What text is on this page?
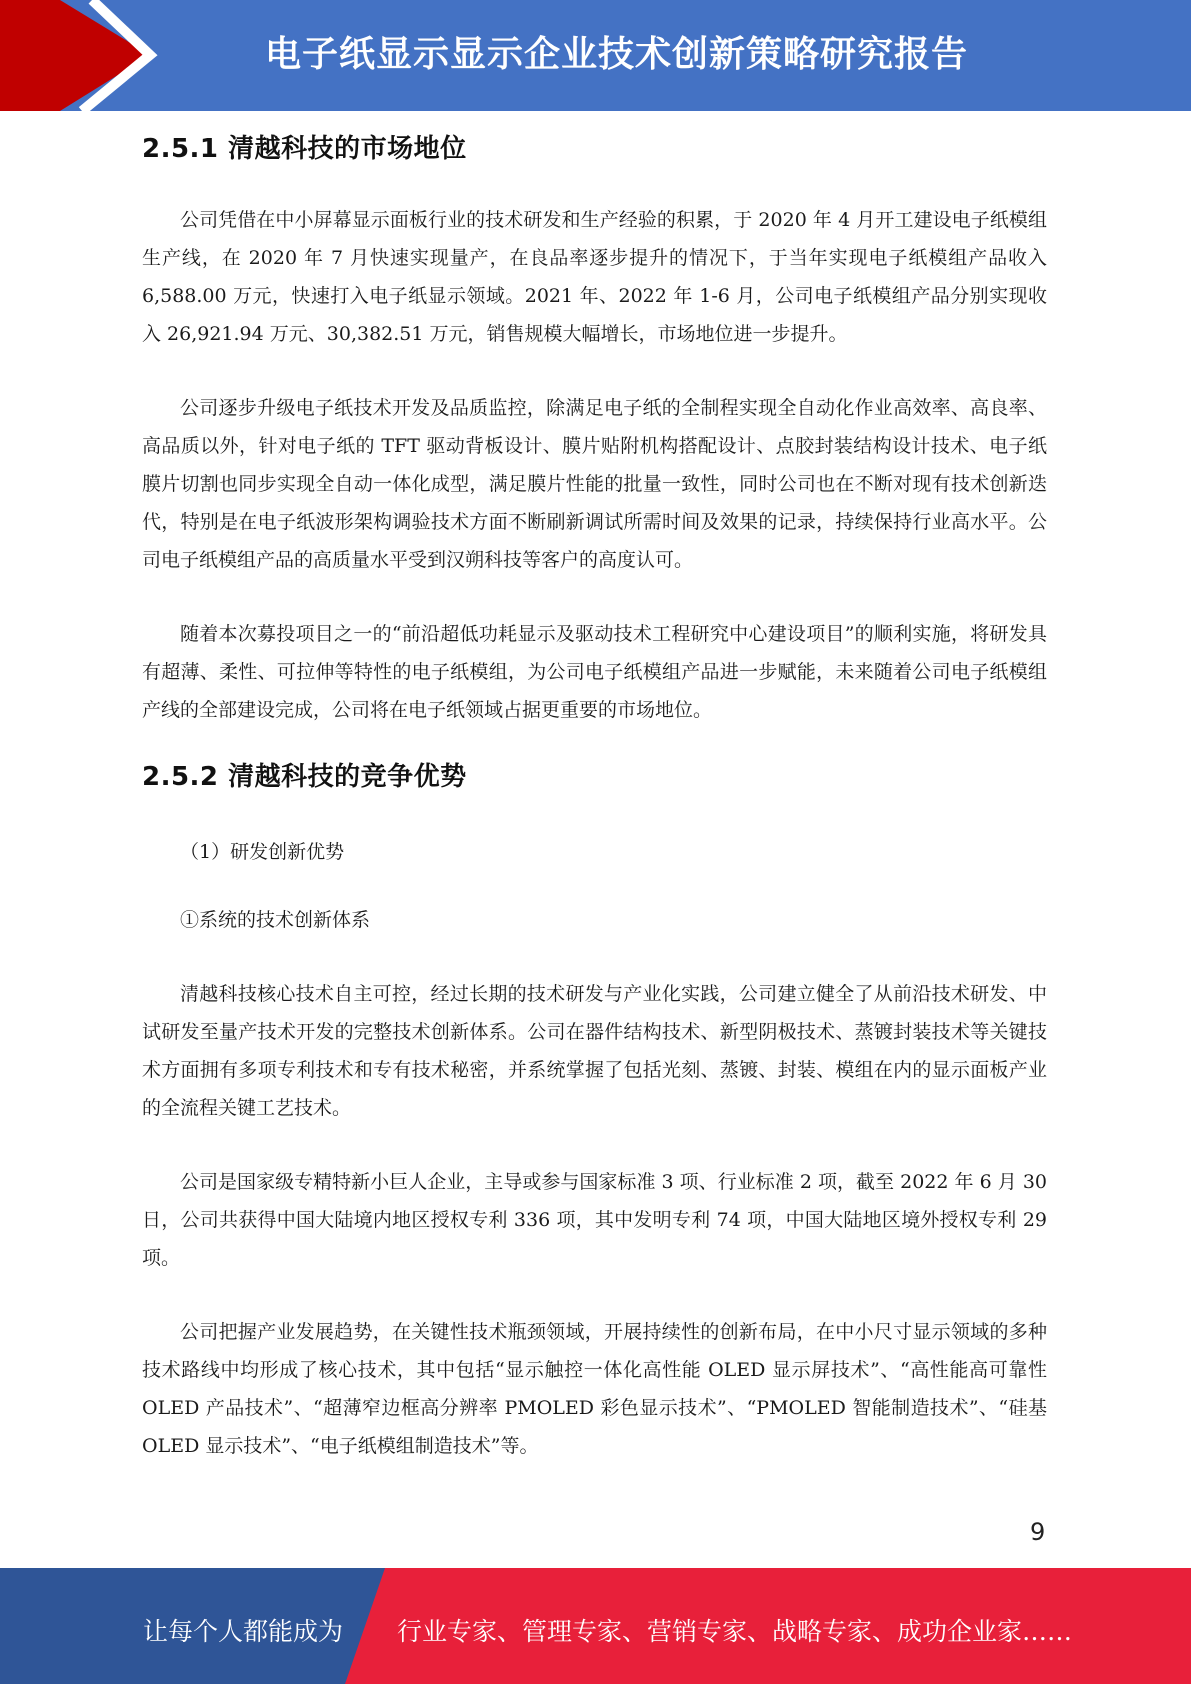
电子纸显示显示企业技术创新策略研究报告
2.5.1 清越科技的市场地位

公司凭借在中小屏幕显示面板行业的技术研发和生产经验的积累，于 2020 年 4 月开工建设电子纸模组生产线，在 2020 年 7 月快速实现量产，在良品率逐步提升的情况下，于当年实现电子纸模组产品收入 6,588.00 万元，快速打入电子纸显示领域。2021 年、2022 年 1-6 月，公司电子纸模组产品分别实现收入 26,921.94 万元、30,382.51 万元，销售规模大幅增长，市场地位进一步提升。

公司逐步升级电子纸技术开发及品质监控，除满足电子纸的全制程实现全自动化作业高效率、高良率、高品质以外，针对电子纸的 TFT 驱动背板设计、膜片贴附机构搭配设计、点胶封装结构设计技术、电子纸膜片切割也同步实现全自动一体化成型，满足膜片性能的批量一致性，同时公司也在不断对现有技术创新迭代，特别是在电子纸波形架构调验技术方面不断刷新调试所需时间及效果的记录，持续保持行业高水平。公司电子纸模组产品的高质量水平受到汉朔科技等客户的高度认可。

随着本次募投项目之一的“前沿超低功耗显示及驱动技术工程研究中心建设项目”的顺利实施，将研发具有超薄、柔性、可拉伸等特性的电子纸模组，为公司电子纸模组产品进一步赋能，未来随着公司电子纸模组产线的全部建设完成，公司将在电子纸领域占据更重要的市场地位。

2.5.2 清越科技的竞争优势

（1）研发创新优势

①系统的技术创新体系

清越科技核心技术自主可控，经过长期的技术研发与产业化实践，公司建立健全了从前沿技术研发、中试研发至量产技术开发的完整技术创新体系。公司在器件结构技术、新型阴极技术、蒸镀封装技术等关键技术方面拥有多项专利技术和专有技术秘密，并系统掌握了包括光刻、蒸镀、封装、模组在内的显示面板产业的全流程关键工艺技术。

公司是国家级专精特新小巨人企业，主导或参与国家标准 3 项、行业标准 2 项，截至 2022 年 6 月 30 日，公司共获得中国大陆境内地区授权专利 336 项，其中发明专利 74 项，中国大陆地区境外授权专利 29 项。

公司把握产业发展趋势，在关键性技术瓶颈领域，开展持续性的创新布局，在中小尺寸显示领域的多种技术路线中均形成了核心技术，其中包括“显示触控一体化高性能 OLED 显示屏技术”、“高性能高可靠性 OLED 产品技术”、“超薄窄边框高分辨率 PMOLED 彩色显示技术”、“PMOLED 智能制造技术”、“硅基 OLED 显示技术”、“电子纸模组制造技术”等。

9
让每个人都能成为 行业专家、管理专家、营销专家、战略专家、成功企业家……
